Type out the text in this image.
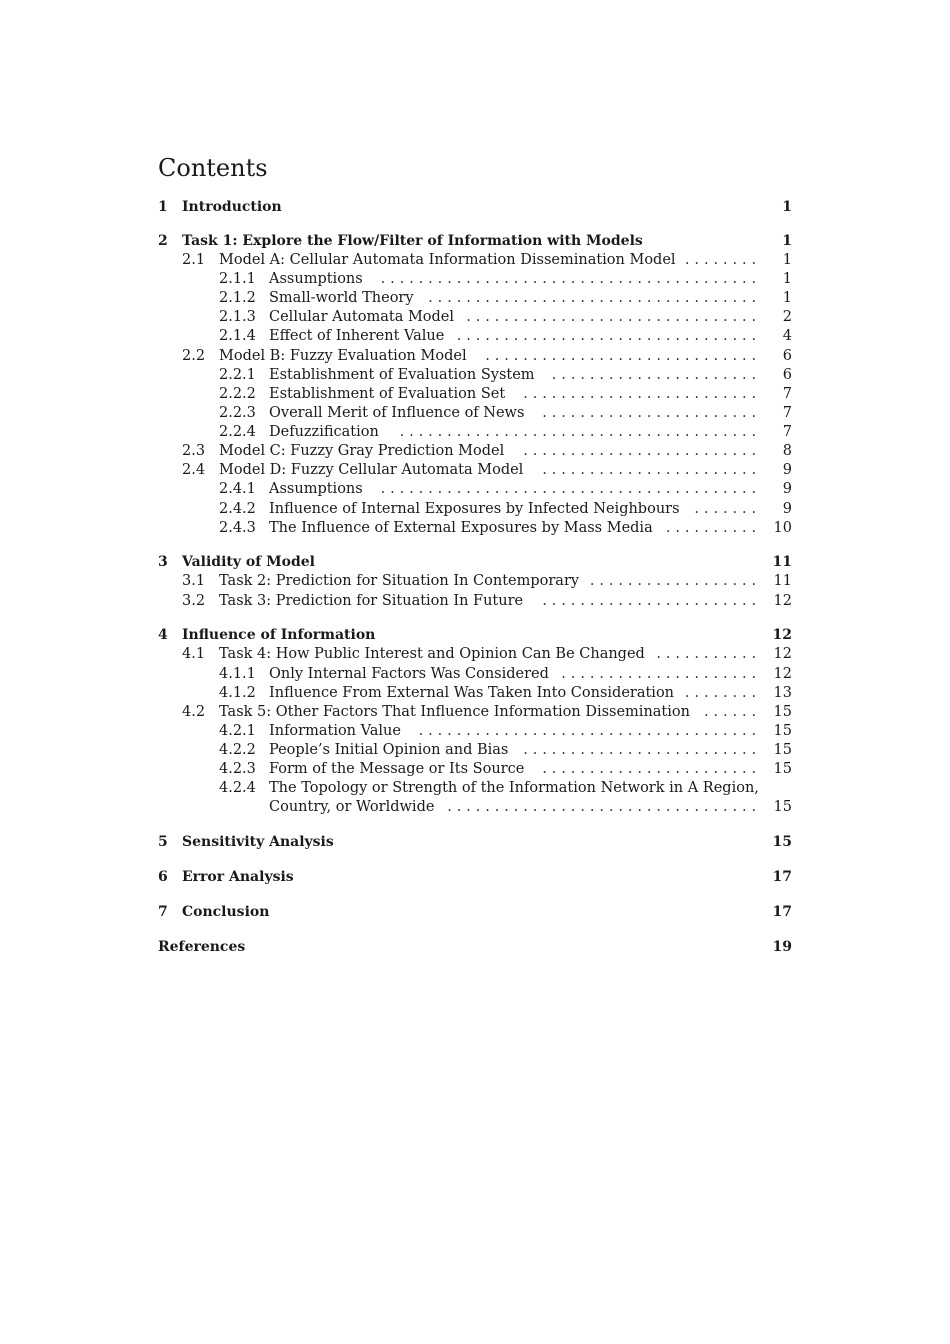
Contents
1 Introduction	1
2 Task 1: Explore the Flow/Filter of Information with Models	1
2.1 Model A: Cellular Automata Information Dissemination Model	1
........
2.1.1 Assumptions	1
........................................
2.1.2 Small-world Theory	1
...................................
2.1.3 Cellular Automata Model	2
...............................
2.1.4 Effect of Inherent Value	4
................................
2.2 Model B: Fuzzy Evaluation Model	6
.............................
2.2.1 Establishment of Evaluation System	6
......................
2.2.2 Establishment of Evaluation Set	7
.........................
2.2.3 Overall Merit of Influence of News	7
.......................
2.2.4 Defuzzification	7
......................................
2.3 Model C: Fuzzy Gray Prediction Model	8
.........................
2.4 Model D: Fuzzy Cellular Automata Model	9
.......................
2.4.1 Assumptions	9
........................................
2.4.2 Influence of Internal Exposures by Infected Neighbours	9
.......
2.4.3 The Influence of External Exposures by Mass Media	10
..........
3 Validity of Model	11
3.1 Task 2: Prediction for Situation In Contemporary	11
..................
3.2 Task 3: Prediction for Situation In Future	12
.......................
4 Influence of Information	12
4.1 Task 4: How Public Interest and Opinion Can Be Changed	12
...........
4.1.1 Only Internal Factors Was Considered	12
.....................
4.1.2 Influence From External Was Taken Into Consideration	13
........
4.2 Task 5: Other Factors That Influence Information Dissemination	15
......
4.2.1 Information Value	15
....................................
4.2.2 People’s Initial Opinion and Bias	15
.........................
4.2.3 Form of the Message or Its Source	15
.......................
4.2.4 The Topology or Strength of the Information Network in A Region,
Country, or Worldwide	15
.................................
5 Sensitivity Analysis	15
6 Error Analysis	17
7 Conclusion	17
References	19
